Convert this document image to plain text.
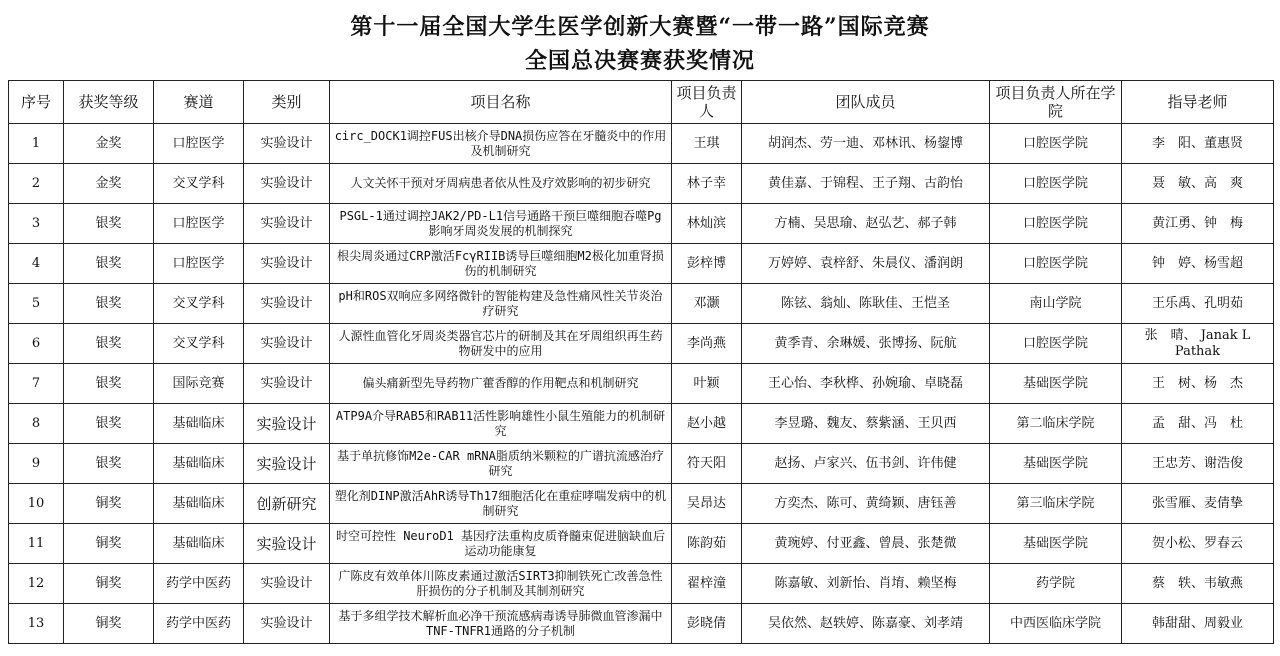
第十一届全国大学生医学创新大赛暨“一带一路”国际竞赛
全国总决赛赛获奖情况
序号	获奖等级	赛道	类别	项目名称	项目负责人	团队成员	项目负责人所在学院	指导老师
1	金奖	口腔医学	实验设计	circ_DOCK1调控FUS出核介导DNA损伤应答在牙髓炎中的作用及机制研究	王琪	胡润杰、劳一迪、邓林讯、杨鋆博	口腔医学院	李　阳、董惠贤
2	金奖	交叉学科	实验设计	人文关怀干预对牙周病患者依从性及疗效影响的初步研究	林子幸	黄佳嘉、于锦程、王子翔、古韵怡	口腔医学院	聂　敏、高　爽
3	银奖	口腔医学	实验设计	PSGL-1通过调控JAK2/PD-L1信号通路干预巨噬细胞吞噬Pg影响牙周炎发展的机制探究	林灿滨	方楠、吴思瑜、赵弘艺、郝子韩	口腔医学院	黄江勇、钟　梅
4	银奖	口腔医学	实验设计	根尖周炎通过CRP激活FcγRIIB诱导巨噬细胞M2极化加重肾损伤的机制研究	彭梓博	万婷婷、袁梓舒、朱晨仪、潘润朗	口腔医学院	钟　婷、杨雪超
5	银奖	交叉学科	实验设计	pH和ROS双响应多网络微针的智能构建及急性痛风性关节炎治疗研究	邓灏	陈铉、翁灿、陈耿佳、王恺圣	南山学院	王乐禹、孔明茹
6	银奖	交叉学科	实验设计	人源性血管化牙周炎类器官芯片的研制及其在牙周组织再生药物研发中的应用	李尚燕	黄季青、余琳媛、张博扬、阮航	口腔医学院	张　晴、 Janak L Pathak
7	银奖	国际竞赛	实验设计	偏头痛新型先导药物广藿香醇的作用靶点和机制研究	叶颖	王心怡、李秋桦、孙婉瑜、卓晓磊	基础医学院	王　树、杨　杰
8	银奖	基础临床	实验设计	ATP9A介导RAB5和RAB11活性影响雄性小鼠生殖能力的机制研究	赵小越	李昱璐、魏友、蔡紫涵、王贝西	第二临床学院	孟　甜、冯　杜
9	银奖	基础临床	实验设计	基于单抗修饰M2e-CAR mRNA脂质纳米颗粒的广谱抗流感治疗研究	符天阳	赵扬、卢家兴、伍书剑、许伟健	基础医学院	王忠芳、谢浩俊
10	铜奖	基础临床	创新研究	塑化剂DINP激活AhR诱导Th17细胞活化在重症哮喘发病中的机制研究	吴昂达	方奕杰、陈可、黄绮颖、唐钰善	第三临床学院	张雪雁、麦倩挚
11	铜奖	基础临床	实验设计	时空可控性 NeuroD1 基因疗法重构皮质脊髓束促进脑缺血后运动功能康复	陈韵茹	黄琬婷、付亚鑫、曾晨、张楚微	基础医学院	贺小松、罗春云
12	铜奖	药学中医药	实验设计	广陈皮有效单体川陈皮素通过激活SIRT3抑制铁死亡改善急性肝损伤的分子机制及其制剂研究	翟梓潼	陈嘉敏、刘新怡、肖堉、赖坚梅	药学院	蔡　轶、韦敏燕
13	铜奖	药学中医药	实验设计	基于多组学技术解析血必净干预流感病毒诱导肺微血管渗漏中TNF-TNFR1通路的分子机制	彭晓倩	吴依然、赵轶婷、陈嘉豪、刘孝靖	中西医临床学院	韩甜甜、周毅业
